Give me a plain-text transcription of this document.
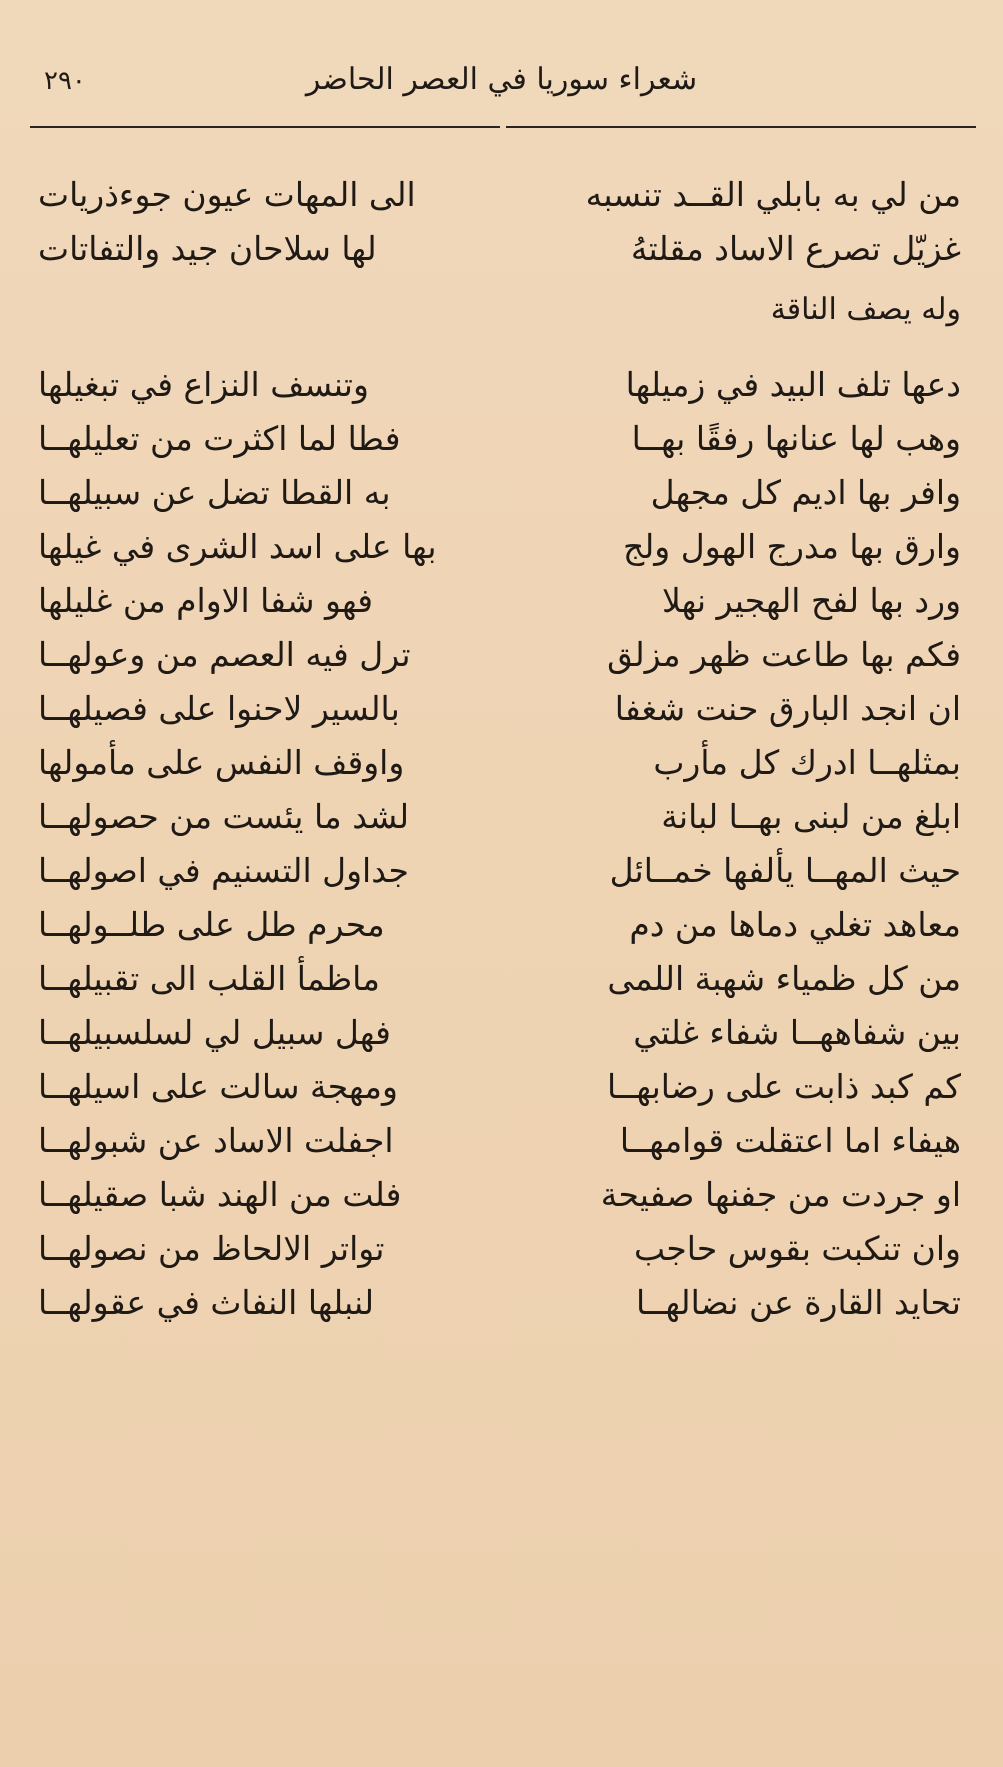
٢٩٠	شعراء سوريا في العصر الحاضر
من لي به بابلي القــد تنسبه
الى المهات عيون جوءذريات
غزيّل تصرع الاساد مقلتهُ
لها سلاحان جيد والتفاتات
وله يصف الناقة
دعها تلف البيد في زميلها
وتنسف النزاع في تبغيلها
وهب لها عنانها رفقًا بهــا
فطا لما اكثرت من تعليلهــا
وافر بها اديم كل مجهل
به القطا تضل عن سبيلهــا
وارق بها مدرج الهول ولج
بها على اسد الشرى في غيلها
ورد بها لفح الهجير نهلا
فهو شفا الاوام من غليلها
فكم بها طاعت ظهر مزلق
ترل فيه العصم من وعولهــا
ان انجد البارق حنت شغفا
بالسير لاحنوا على فصيلهــا
بمثلهــا ادرك كل مأرب
واوقف النفس على مأمولها
ابلغ من لبنى بهــا لبانة
لشد ما يئست من حصولهــا
حيث المهــا يألفها خمــائل
جداول التسنيم في اصولهــا
معاهد تغلي دماها من دم
محرم طل على طلــولهــا
من كل ظمياء شهبة اللمى
ماظمأ القلب الى تقبيلهــا
بين شفاههــا شفاء غلتي
فهل سبيل لي لسلسبيلهــا
كم كبد ذابت على رضابهــا
ومهجة سالت على اسيلهــا
هيفاء اما اعتقلت قوامهــا
اجفلت الاساد عن شبولهــا
او جردت من جفنها صفيحة
فلت من الهند شبا صقيلهــا
وان تنكبت بقوس حاجب
تواتر الالحاظ من نصولهــا
تحايد القارة عن نضالهــا
لنبلها النفاث في عقولهــا
